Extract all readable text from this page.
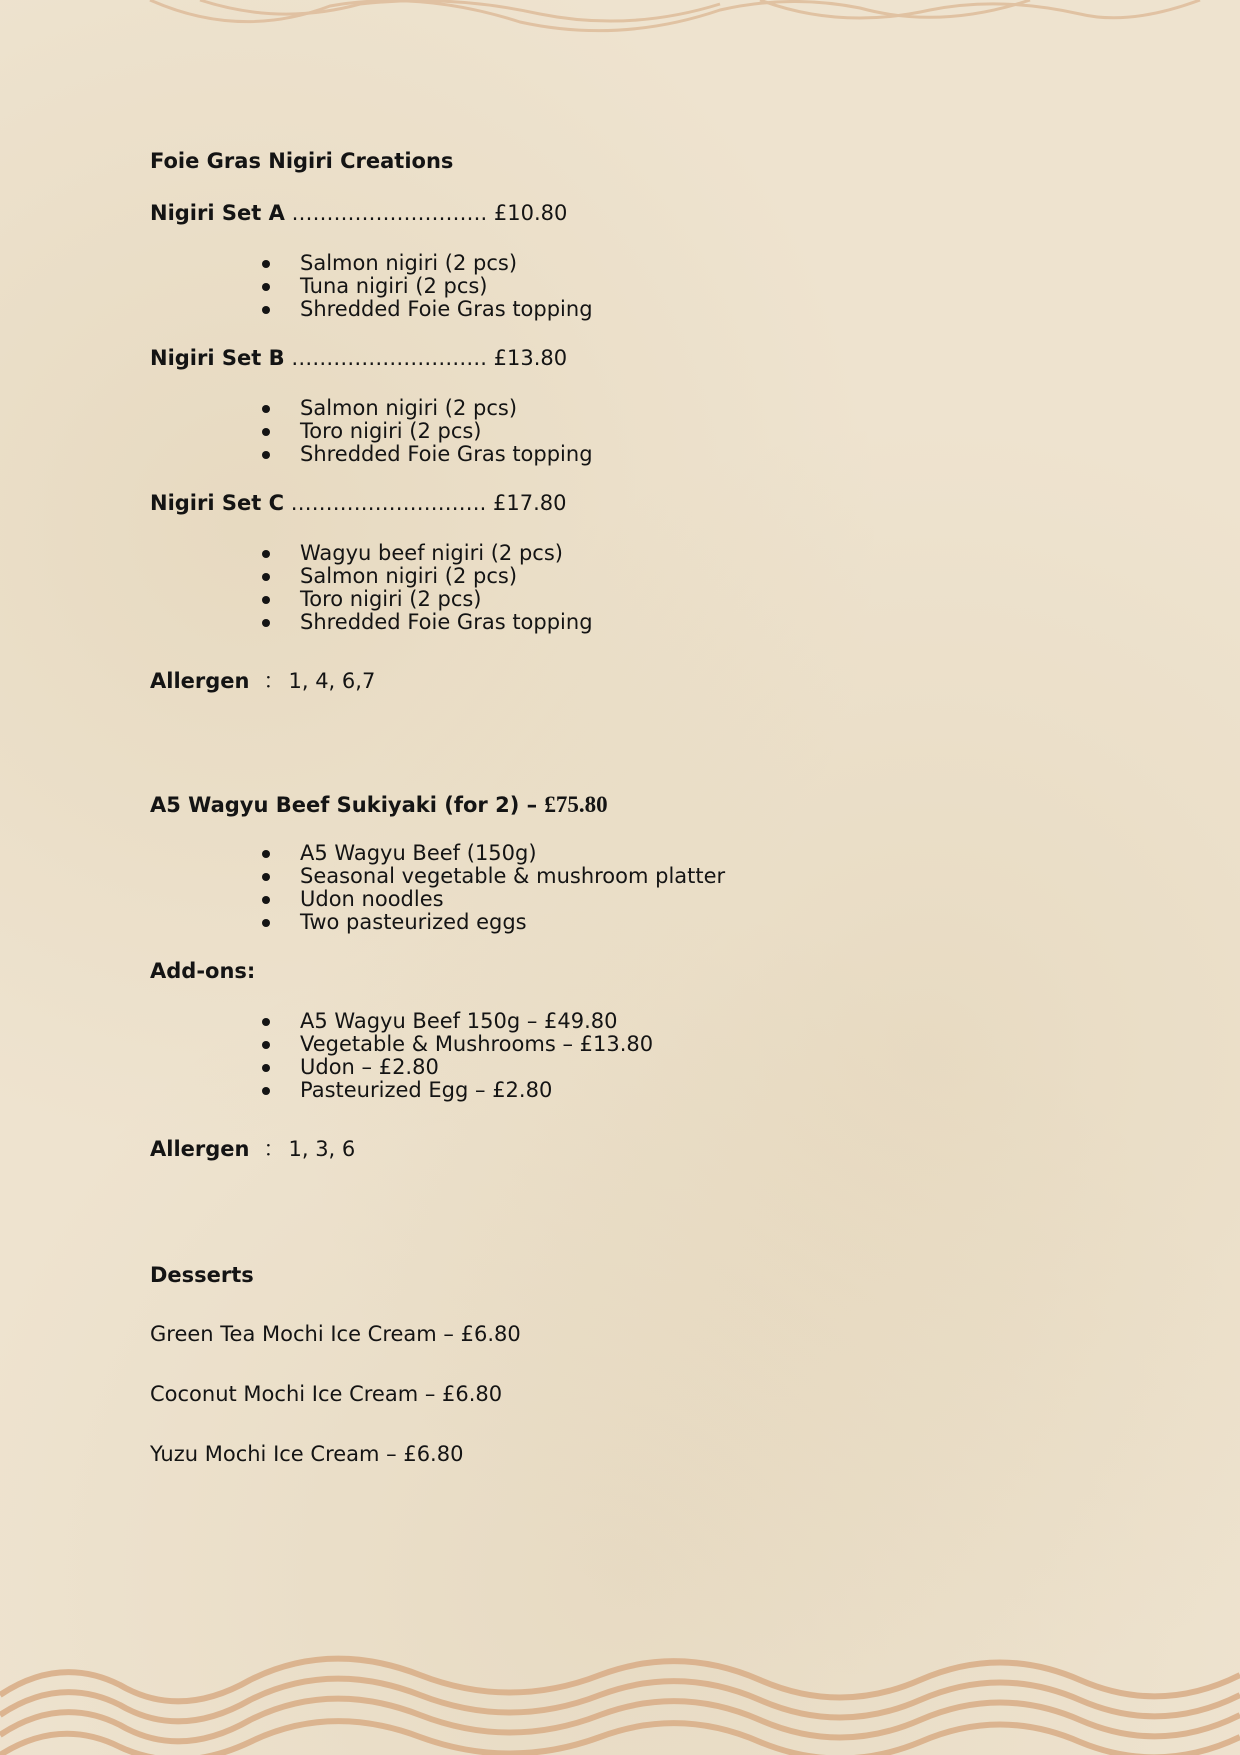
Foie Gras Nigiri Creations
Nigiri Set A ………………………. £10.80
Salmon nigiri (2 pcs)
Tuna nigiri (2 pcs)
Shredded Foie Gras topping
Nigiri Set B ………………………. £13.80
Salmon nigiri (2 pcs)
Toro nigiri (2 pcs)
Shredded Foie Gras topping
Nigiri Set C ………………………. £17.80
Wagyu beef nigiri (2 pcs)
Salmon nigiri (2 pcs)
Toro nigiri (2 pcs)
Shredded Foie Gras topping
Allergen ： 1, 4, 6,7
A5 Wagyu Beef Sukiyaki (for 2) – £75.80
A5 Wagyu Beef (150g)
Seasonal vegetable & mushroom platter
Udon noodles
Two pasteurized eggs
Add-ons:
A5 Wagyu Beef 150g – £49.80
Vegetable & Mushrooms – £13.80
Udon – £2.80
Pasteurized Egg – £2.80
Allergen ： 1, 3, 6
Desserts
Green Tea Mochi Ice Cream – £6.80
Coconut Mochi Ice Cream – £6.80
Yuzu Mochi Ice Cream – £6.80
